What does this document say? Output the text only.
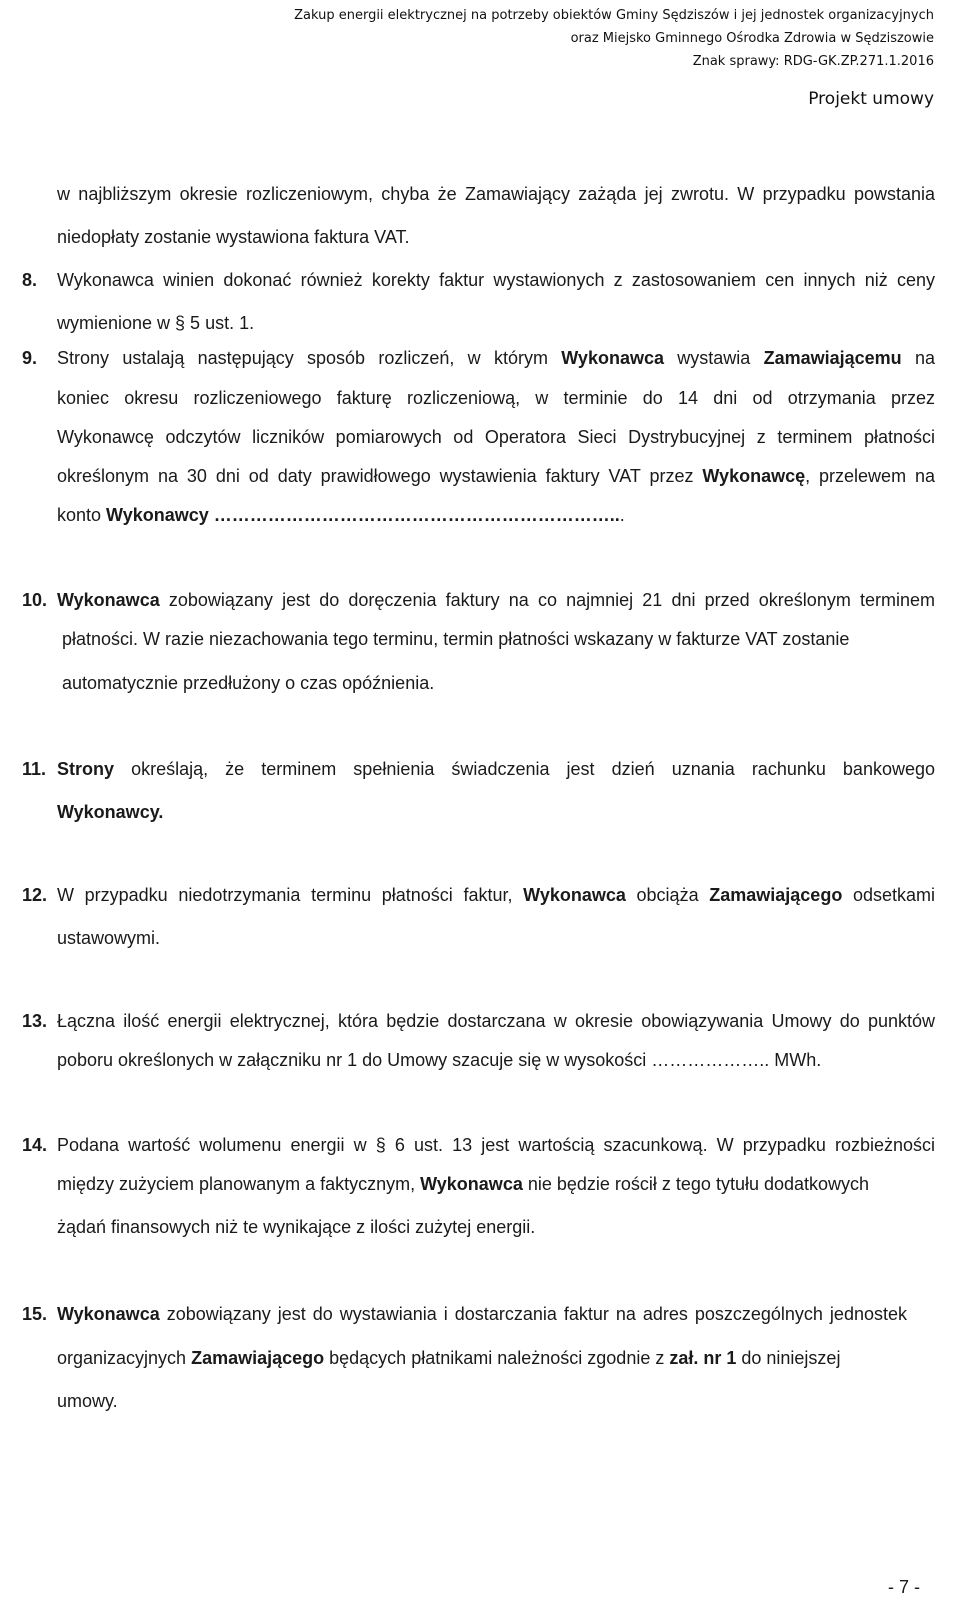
Zakup energii elektrycznej na potrzeby obiektów Gminy Sędziszów i jej jednostek organizacyjnych
oraz Miejsko Gminnego Ośrodka Zdrowia w Sędziszowie
Znak sprawy: RDG-GK.ZP.271.1.2016
Projekt umowy
w najbliższym okresie rozliczeniowym, chyba że Zamawiający zażąda jej zwrotu. W przypadku powstania
niedopłaty zostanie wystawiona faktura VAT.
8. Wykonawca winien dokonać również korekty faktur wystawionych z zastosowaniem cen innych niż ceny
wymienione w § 5 ust. 1.
9. Strony ustalają następujący sposób rozliczeń, w którym Wykonawca wystawia Zamawiającemu na
koniec okresu rozliczeniowego fakturę rozliczeniową, w terminie do 14 dni od otrzymania przez
Wykonawcę odczytów liczników pomiarowych od Operatora Sieci Dystrybucyjnej z terminem płatności
określonym na 30 dni od daty prawidłowego wystawienia faktury VAT przez Wykonawcę, przelewem na
konto Wykonawcy …………………………………………………………...
10. Wykonawca zobowiązany jest do doręczenia faktury na co najmniej 21 dni przed określonym terminem
płatności. W razie niezachowania tego terminu, termin płatności wskazany w fakturze VAT zostanie
automatycznie przedłużony o czas opóźnienia.
11. Strony określają, że terminem spełnienia świadczenia jest dzień uznania rachunku bankowego
Wykonawcy.
12. W przypadku niedotrzymania terminu płatności faktur, Wykonawca obciąża Zamawiającego odsetkami
ustawowymi.
13. Łączna ilość energii elektrycznej, która będzie dostarczana w okresie obowiązywania Umowy do punktów
poboru określonych w załączniku nr 1 do Umowy szacuje się w wysokości ……………….. MWh.
14. Podana wartość wolumenu energii w § 6 ust. 13 jest wartością szacunkową. W przypadku rozbieżności
między zużyciem planowanym a faktycznym, Wykonawca nie będzie rościł z tego tytułu dodatkowych
żądań finansowych niż te wynikające z ilości zużytej energii.
15. Wykonawca zobowiązany jest do wystawiania i dostarczania faktur na adres poszczególnych jednostek
organizacyjnych Zamawiającego będących płatnikami należności zgodnie z zał. nr 1 do niniejszej
umowy.
- 7 -
